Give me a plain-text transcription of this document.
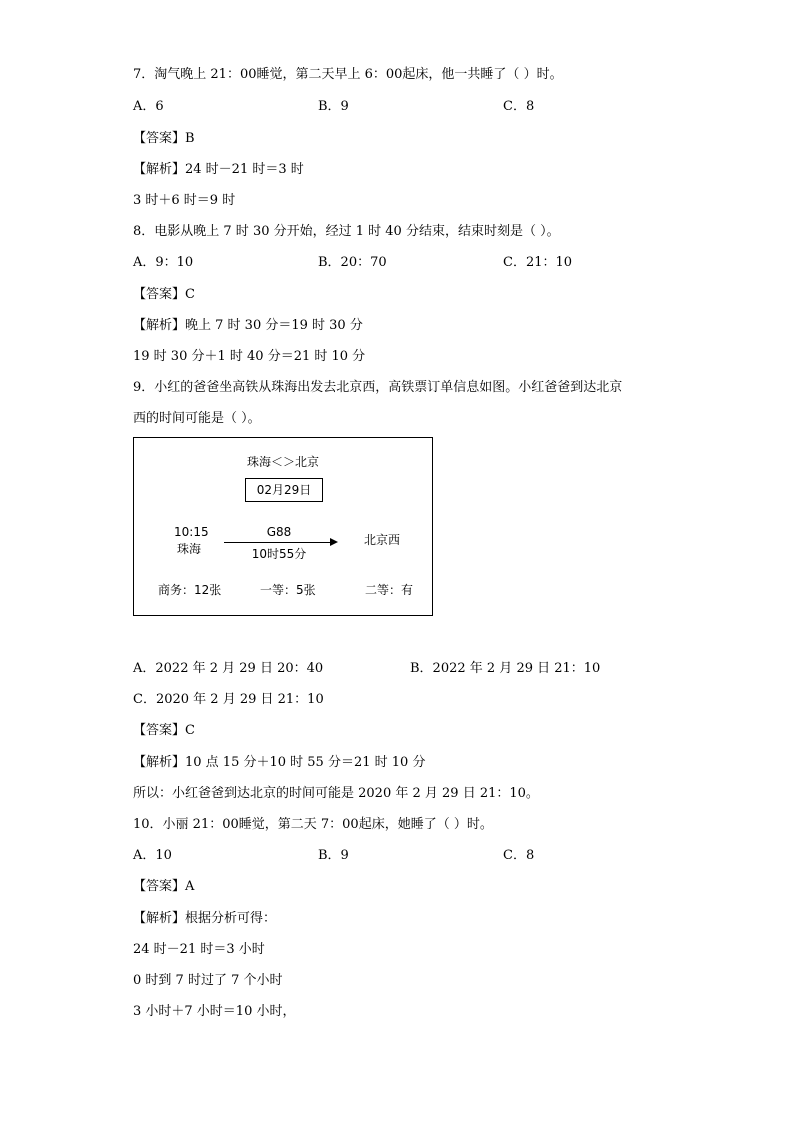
7．淘气晚上 21：00睡觉，第二天早上 6：00起床，他一共睡了（ ）时。
A．6	B．9	C．8
【答案】B
【解析】24 时－21 时＝3 时
3 时＋6 时＝9 时
8．电影从晚上 7 时 30 分开始，经过 1 时 40 分结束，结束时刻是（ ）。
A．9：10	B．20：70	C．21：10
【答案】C
【解析】晚上 7 时 30 分＝19 时 30 分
19 时 30 分＋1 时 40 分＝21 时 10 分
9．小红的爸爸坐高铁从珠海出发去北京西，高铁票订单信息如图。小红爸爸到达北京
西的时间可能是（ ）。
珠海＜＞北京
02月29日
10:15
珠海
G88
10时55分
北京西
商务：12张	一等：5张	二等：有
A．2022 年 2 月 29 日 20：40	B．2022 年 2 月 29 日 21：10
C．2020 年 2 月 29 日 21：10
【答案】C
【解析】10 点 15 分＋10 时 55 分＝21 时 10 分
所以：小红爸爸到达北京的时间可能是 2020 年 2 月 29 日 21：10。
10．小丽 21：00睡觉，第二天 7：00起床，她睡了（ ）时。
A．10	B．9	C．8
【答案】A
【解析】根据分析可得：
24 时－21 时＝3 小时
0 时到 7 时过了 7 个小时
3 小时＋7 小时＝10 小时，
